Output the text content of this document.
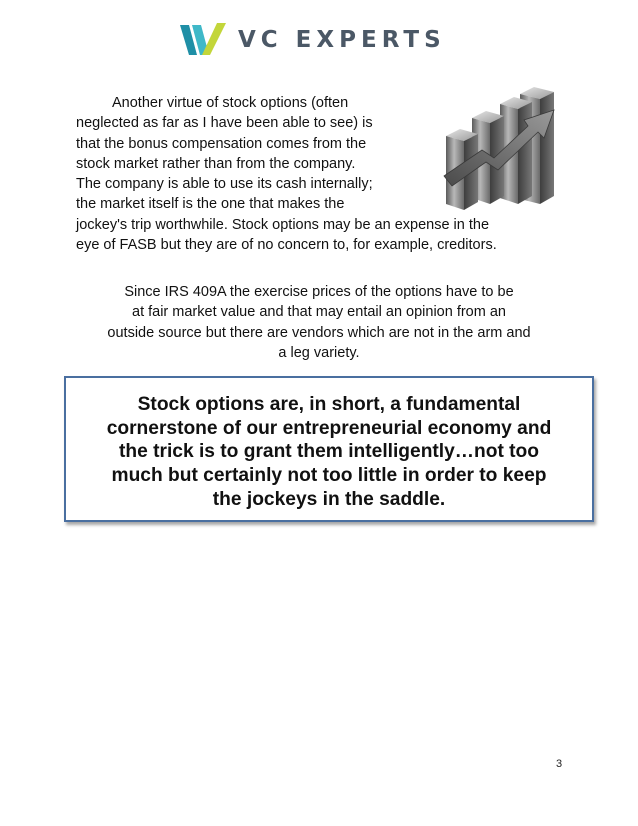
VC EXPERTS
Another virtue of stock options (often
neglected as far as I have been able to see) is
that the bonus compensation comes from the
stock market rather than from the company.
The company is able to use its cash internally;
the market itself is the one that makes the
jockey's trip worthwhile. Stock options may be an expense in the
eye of FASB but they are of no concern to, for example, creditors.
Since IRS 409A the exercise prices of the options have to be
at fair market value and that may entail an opinion from an
outside source but there are vendors which are not in the arm and
a leg variety.
Stock options are, in short, a fundamental
cornerstone of our entrepreneurial economy and
the trick is to grant them intelligently…not too
much but certainly not too little in order to keep
the jockeys in the saddle.
3
